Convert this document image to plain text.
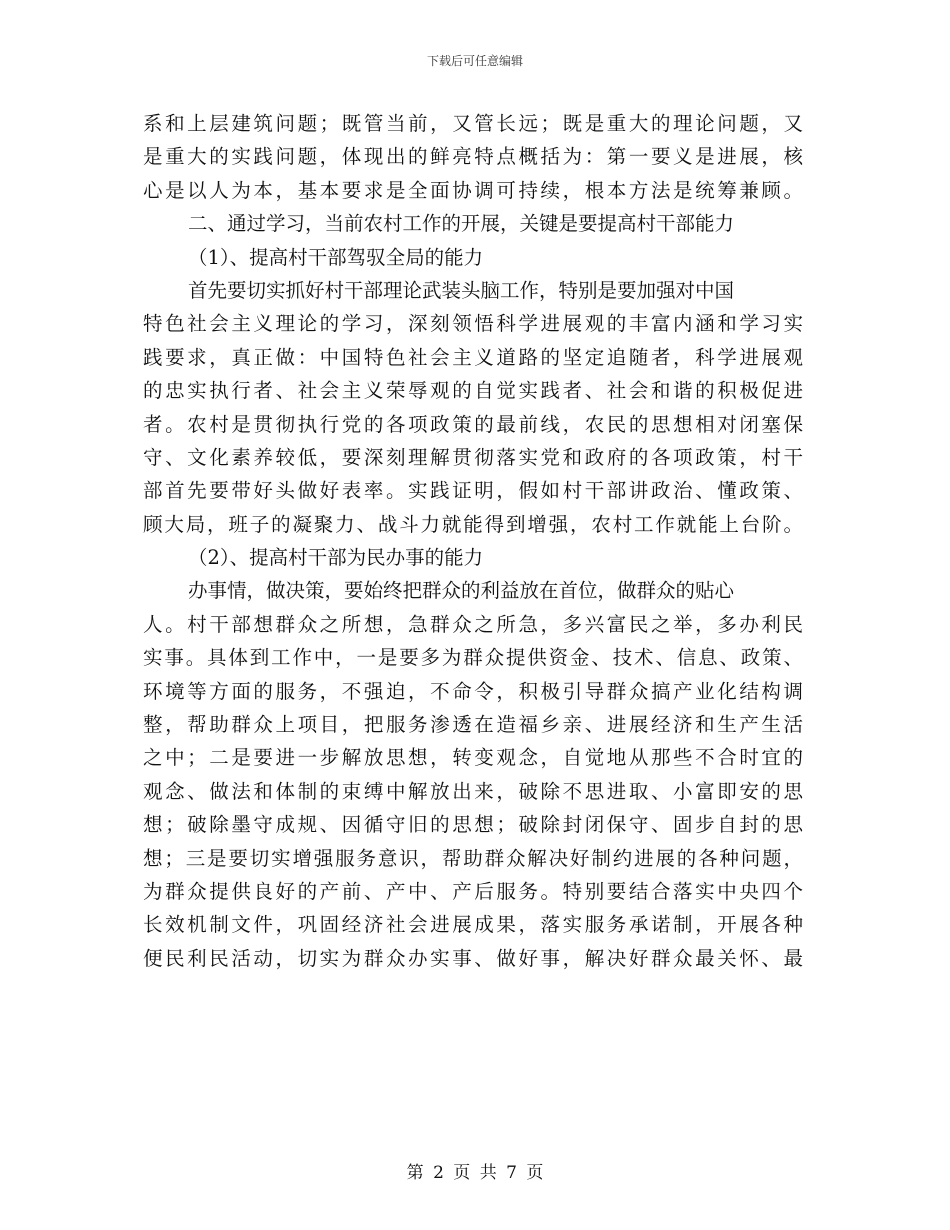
下载后可任意编辑
系和上层建筑问题；既管当前，又管长远；既是重大的理论问题，又
是重大的实践问题，体现出的鲜亮特点概括为：第一要义是进展，核
心是以人为本，基本要求是全面协调可持续，根本方法是统筹兼顾。
二、通过学习，当前农村工作的开展，关键是要提高村干部能力
（1）、提高村干部驾驭全局的能力
首先要切实抓好村干部理论武装头脑工作，特别是要加强对中国
特色社会主义理论的学习，深刻领悟科学进展观的丰富内涵和学习实
践要求，真正做：中国特色社会主义道路的坚定追随者，科学进展观
的忠实执行者、社会主义荣辱观的自觉实践者、社会和谐的积极促进
者。农村是贯彻执行党的各项政策的最前线，农民的思想相对闭塞保
守、文化素养较低，要深刻理解贯彻落实党和政府的各项政策，村干
部首先要带好头做好表率。实践证明，假如村干部讲政治、懂政策、
顾大局，班子的凝聚力、战斗力就能得到增强，农村工作就能上台阶。
（2）、提高村干部为民办事的能力
办事情，做决策，要始终把群众的利益放在首位，做群众的贴心
人。村干部想群众之所想，急群众之所急，多兴富民之举，多办利民
实事。具体到工作中，一是要多为群众提供资金、技术、信息、政策、
环境等方面的服务，不强迫，不命令，积极引导群众搞产业化结构调
整，帮助群众上项目，把服务渗透在造福乡亲、进展经济和生产生活
之中；二是要进一步解放思想，转变观念，自觉地从那些不合时宜的
观念、做法和体制的束缚中解放出来，破除不思进取、小富即安的思
想；破除墨守成规、因循守旧的思想；破除封闭保守、固步自封的思
想；三是要切实增强服务意识，帮助群众解决好制约进展的各种问题，
为群众提供良好的产前、产中、产后服务。特别要结合落实中央四个
长效机制文件，巩固经济社会进展成果，落实服务承诺制，开展各种
便民利民活动，切实为群众办实事、做好事，解决好群众最关怀、最
第 2 页 共 7 页
